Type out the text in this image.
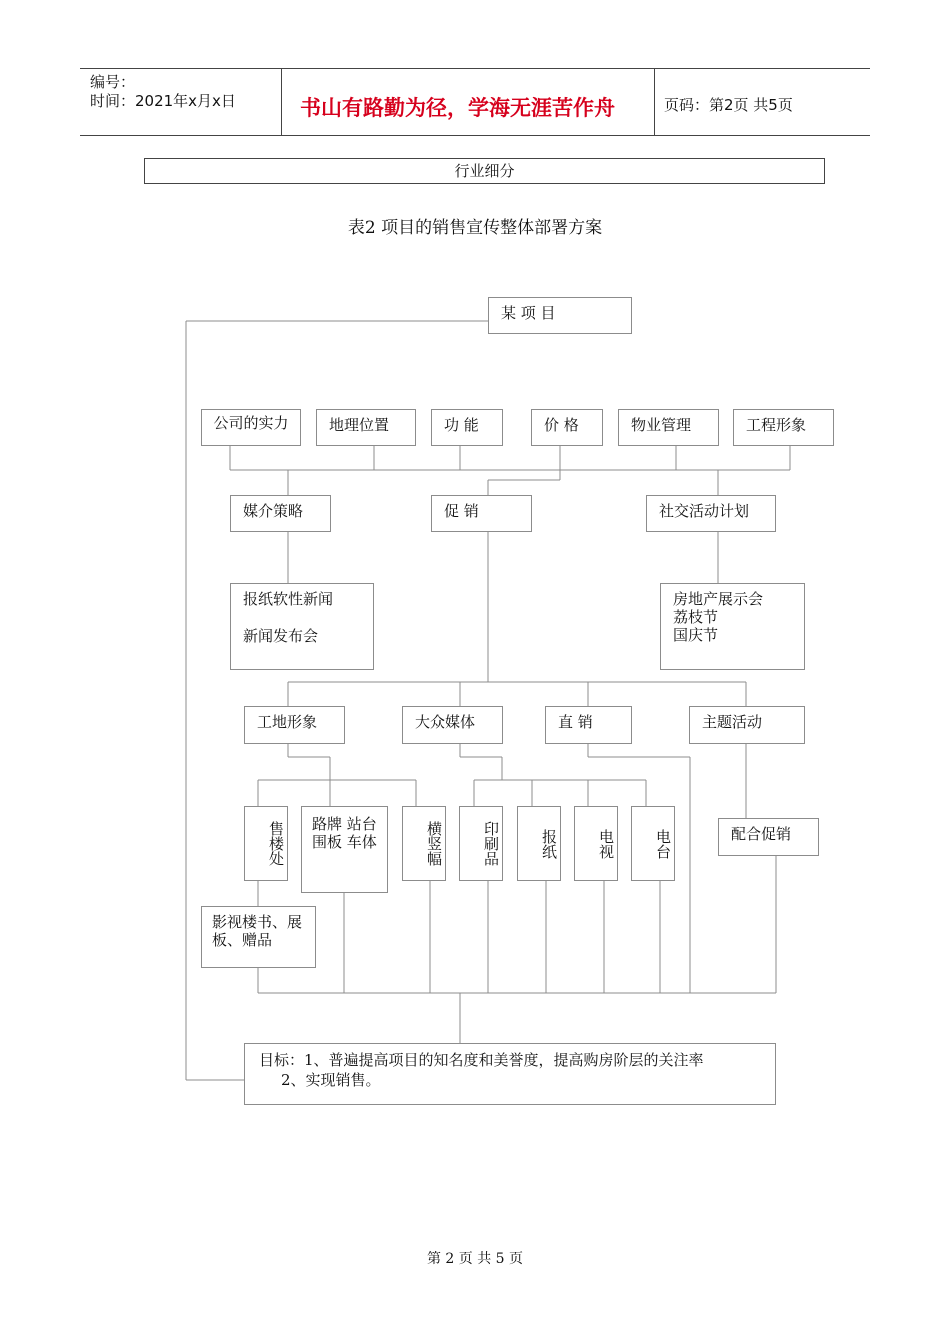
编号：
时间：2021年x月x日	书山有路勤为径，学海无涯苦作舟	页码：第2页 共5页
行业细分
表2 项目的销售宣传整体部署方案
某 项 目
公司的实力	地理位置	功 能	价 格	物业管理	工程形象
媒介策略	促 销	社交活动计划
报纸软性新闻
新闻发布会
房地产展示会
荔枝节
国庆节
工地形象	大众媒体	直 销	主题活动
售楼处 路牌 站台 围板 车体
影视楼书、展板、赠品
横竖幅	印刷品	报纸	电视	电台	配合促销
目标：1、普遍提高项目的知名度和美誉度，提高购房阶层的关注率
2、实现销售。
第 2 页 共 5 页
